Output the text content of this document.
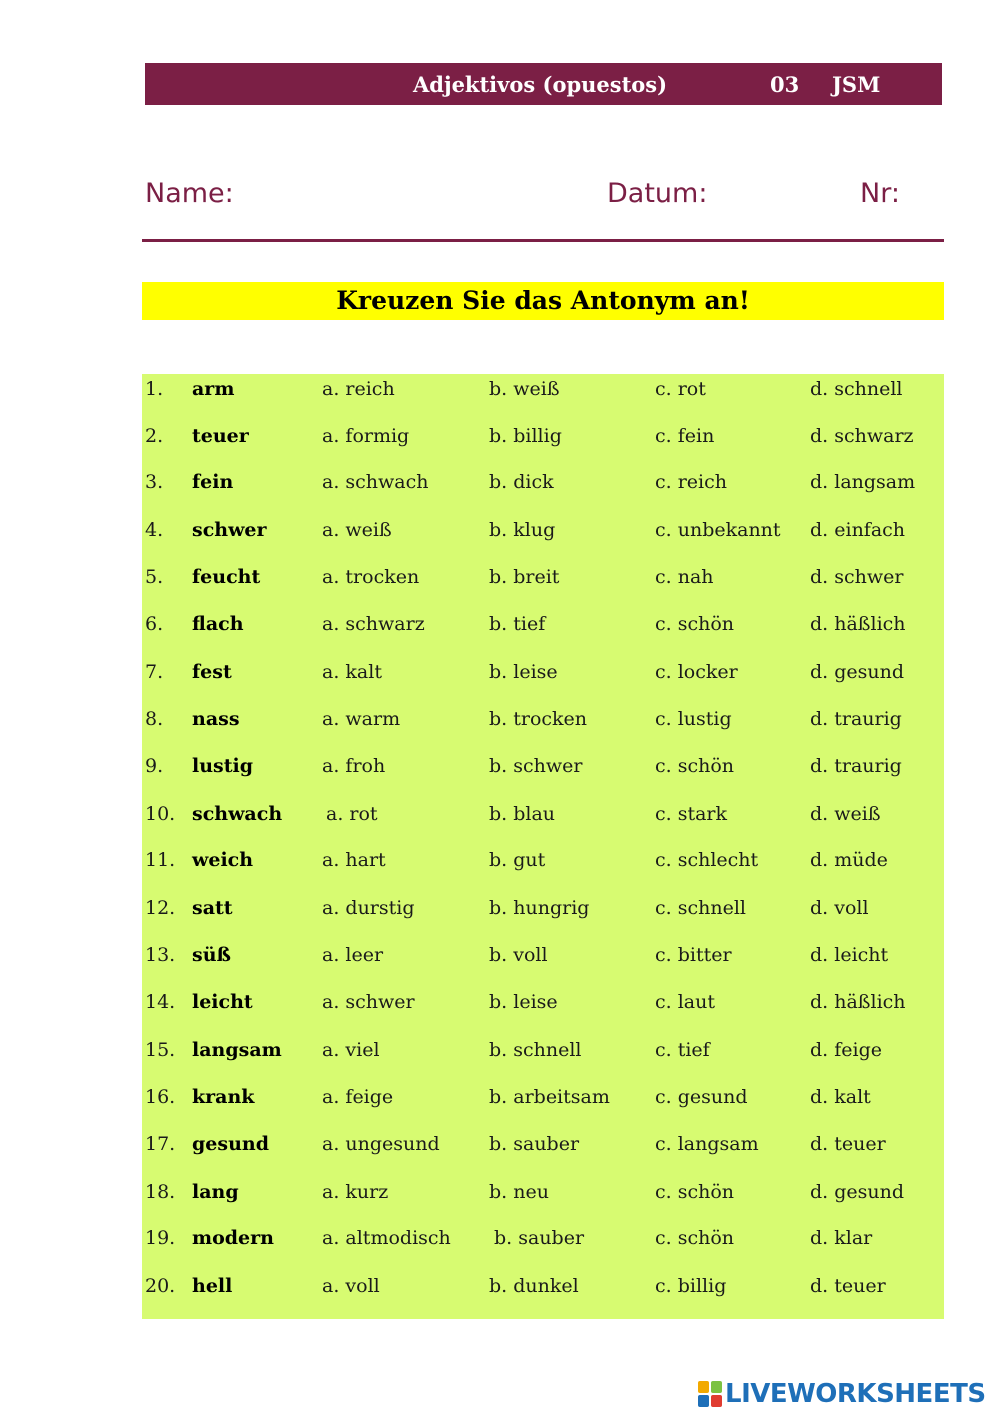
Adjektivos (opuestos)	03 JSM
Name:	Datum:	Nr:
Kreuzen Sie das Antonym an!
1. arm	a. reich	b. weiß	c. rot	d. schnell
2. teuer	a. formig	b. billig	c. fein	d. schwarz
3. fein	a. schwach	b. dick	c. reich	d. langsam
4. schwer	a. weiß	b. klug	c. unbekannt d. einfach
5. feucht	a. trocken	b. breit	c. nah	d. schwer
6. flach	a. schwarz	b. tief	c. schön	d. häßlich
7. fest	a. kalt	b. leise	c. locker	d. gesund
8. nass	a. warm	b. trocken	c. lustig	d. traurig
9. lustig	a. froh	b. schwer	c. schön	d. traurig
10. schwach a. rot	b. blau	c. stark	d. weiß
11. weich	a. hart	b. gut	c. schlecht	d. müde
12. satt	a. durstig	b. hungrig	c. schnell	d. voll
13. süß	a. leer	b. voll	c. bitter	d. leicht
14. leicht	a. schwer	b. leise	c. laut	d. häßlich
15. langsam a. viel	b. schnell	c. tief	d. feige
16. krank	a. feige	b. arbeitsam c. gesund	d. kalt
17. gesund	a. ungesund	b. sauber	c. langsam	d. teuer
18. lang	a. kurz	b. neu	c. schön	d. gesund
19. modern	a. altmodisch b. sauber	c. schön	d. klar
20. hell	a. voll	b. dunkel	c. billig	d. teuer
LIVEWORKSHEETS
